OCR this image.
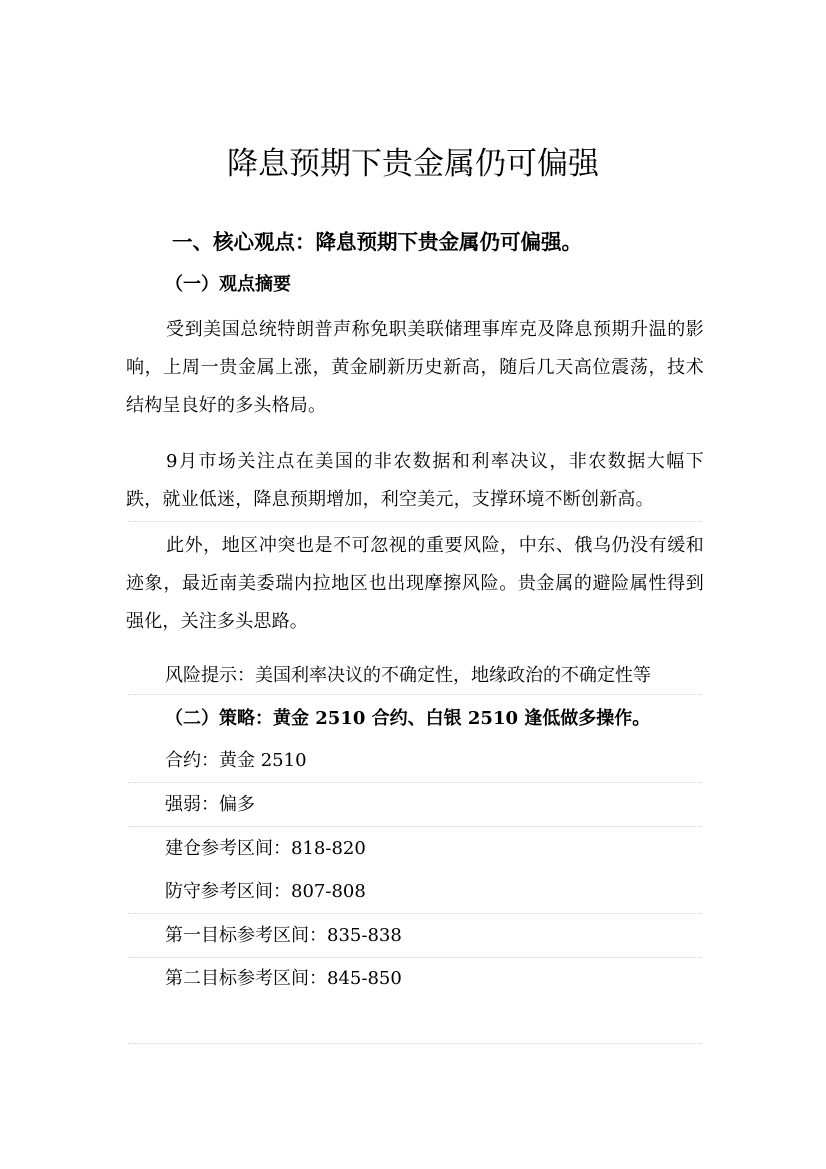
降息预期下贵金属仍可偏强
一、核心观点：降息预期下贵金属仍可偏强。
（一）观点摘要

受到美国总统特朗普声称免职美联储理事库克及降息预期升温的影响，上周一贵金属上涨，黄金刷新历史新高，随后几天高位震荡，技术结构呈良好的多头格局。

9月市场关注点在美国的非农数据和利率决议，非农数据大幅下跌，就业低迷，降息预期增加，利空美元，支撑环境不断创新高。

此外，地区冲突也是不可忽视的重要风险，中东、俄乌仍没有缓和迹象，最近南美委瑞内拉地区也出现摩擦风险。贵金属的避险属性得到强化，关注多头思路。

风险提示：美国利率决议的不确定性，地缘政治的不确定性等

（二）策略：黄金 2510 合约、白银 2510 逢低做多操作。

合约：黄金 2510

强弱：偏多

建仓参考区间：818-820

防守参考区间：807-808

第一目标参考区间：835-838

第二目标参考区间：845-850
